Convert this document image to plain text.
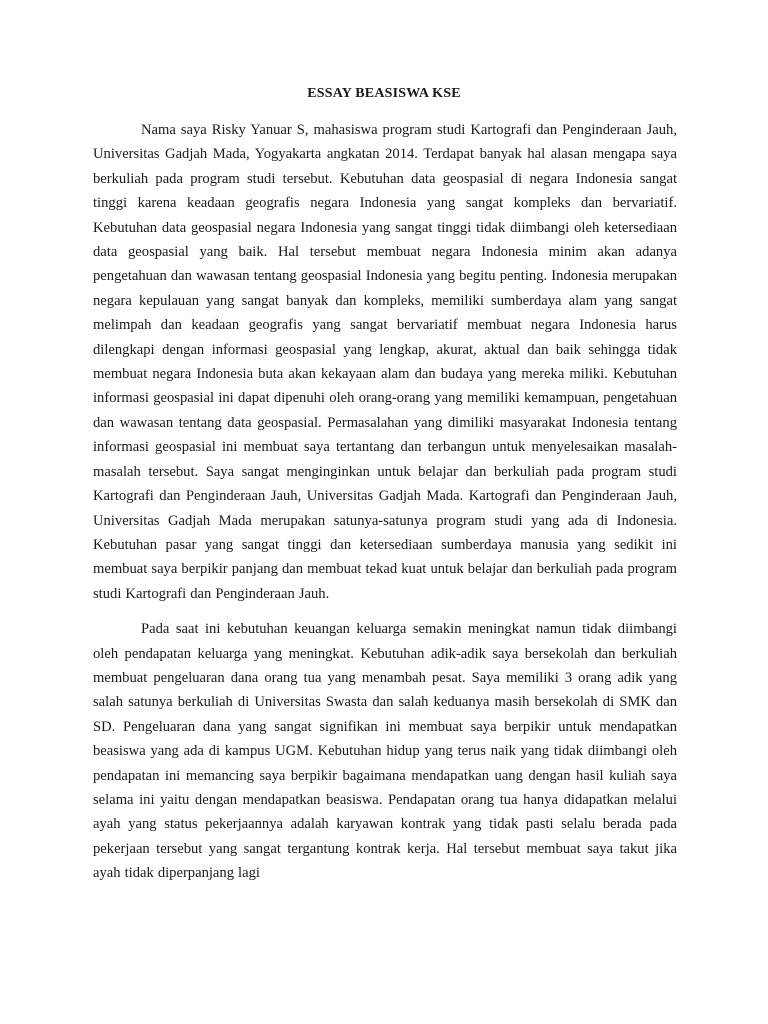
ESSAY BEASISWA KSE

Nama saya Risky Yanuar S, mahasiswa program studi Kartografi dan Penginderaan Jauh, Universitas Gadjah Mada, Yogyakarta angkatan 2014. Terdapat banyak hal alasan mengapa saya berkuliah pada program studi tersebut. Kebutuhan data geospasial di negara Indonesia sangat tinggi karena keadaan geografis negara Indonesia yang sangat kompleks dan bervariatif. Kebutuhan data geospasial negara Indonesia yang sangat tinggi tidak diimbangi oleh ketersediaan data geospasial yang baik. Hal tersebut membuat negara Indonesia minim akan adanya pengetahuan dan wawasan tentang geospasial Indonesia yang begitu penting. Indonesia merupakan negara kepulauan yang sangat banyak dan kompleks, memiliki sumberdaya alam yang sangat melimpah dan keadaan geografis yang sangat bervariatif membuat negara Indonesia harus dilengkapi dengan informasi geospasial yang lengkap, akurat, aktual dan baik sehingga tidak membuat negara Indonesia buta akan kekayaan alam dan budaya yang mereka miliki. Kebutuhan informasi geospasial ini dapat dipenuhi oleh orang-orang yang memiliki kemampuan, pengetahuan dan wawasan tentang data geospasial. Permasalahan yang dimiliki masyarakat Indonesia tentang informasi geospasial ini membuat saya tertantang dan terbangun untuk menyelesaikan masalah-masalah tersebut. Saya sangat menginginkan untuk belajar dan berkuliah pada program studi Kartografi dan Penginderaan Jauh, Universitas Gadjah Mada. Kartografi dan Penginderaan Jauh, Universitas Gadjah Mada merupakan satunya-satunya program studi yang ada di Indonesia. Kebutuhan pasar yang sangat tinggi dan ketersediaan sumberdaya manusia yang sedikit ini membuat saya berpikir panjang dan membuat tekad kuat untuk belajar dan berkuliah pada program studi Kartografi dan Penginderaan Jauh.

Pada saat ini kebutuhan keuangan keluarga semakin meningkat namun tidak diimbangi oleh pendapatan keluarga yang meningkat. Kebutuhan adik-adik saya bersekolah dan berkuliah membuat pengeluaran dana orang tua yang menambah pesat. Saya memiliki 3 orang adik yang salah satunya berkuliah di Universitas Swasta dan salah keduanya masih bersekolah di SMK dan SD. Pengeluaran dana yang sangat signifikan ini membuat saya berpikir untuk mendapatkan beasiswa yang ada di kampus UGM. Kebutuhan hidup yang terus naik yang tidak diimbangi oleh pendapatan ini memancing saya berpikir bagaimana mendapatkan uang dengan hasil kuliah saya selama ini yaitu dengan mendapatkan beasiswa. Pendapatan orang tua hanya didapatkan melalui ayah yang status pekerjaannya adalah karyawan kontrak yang tidak pasti selalu berada pada pekerjaan tersebut yang sangat tergantung kontrak kerja. Hal tersebut membuat saya takut jika ayah tidak diperpanjang lagi
